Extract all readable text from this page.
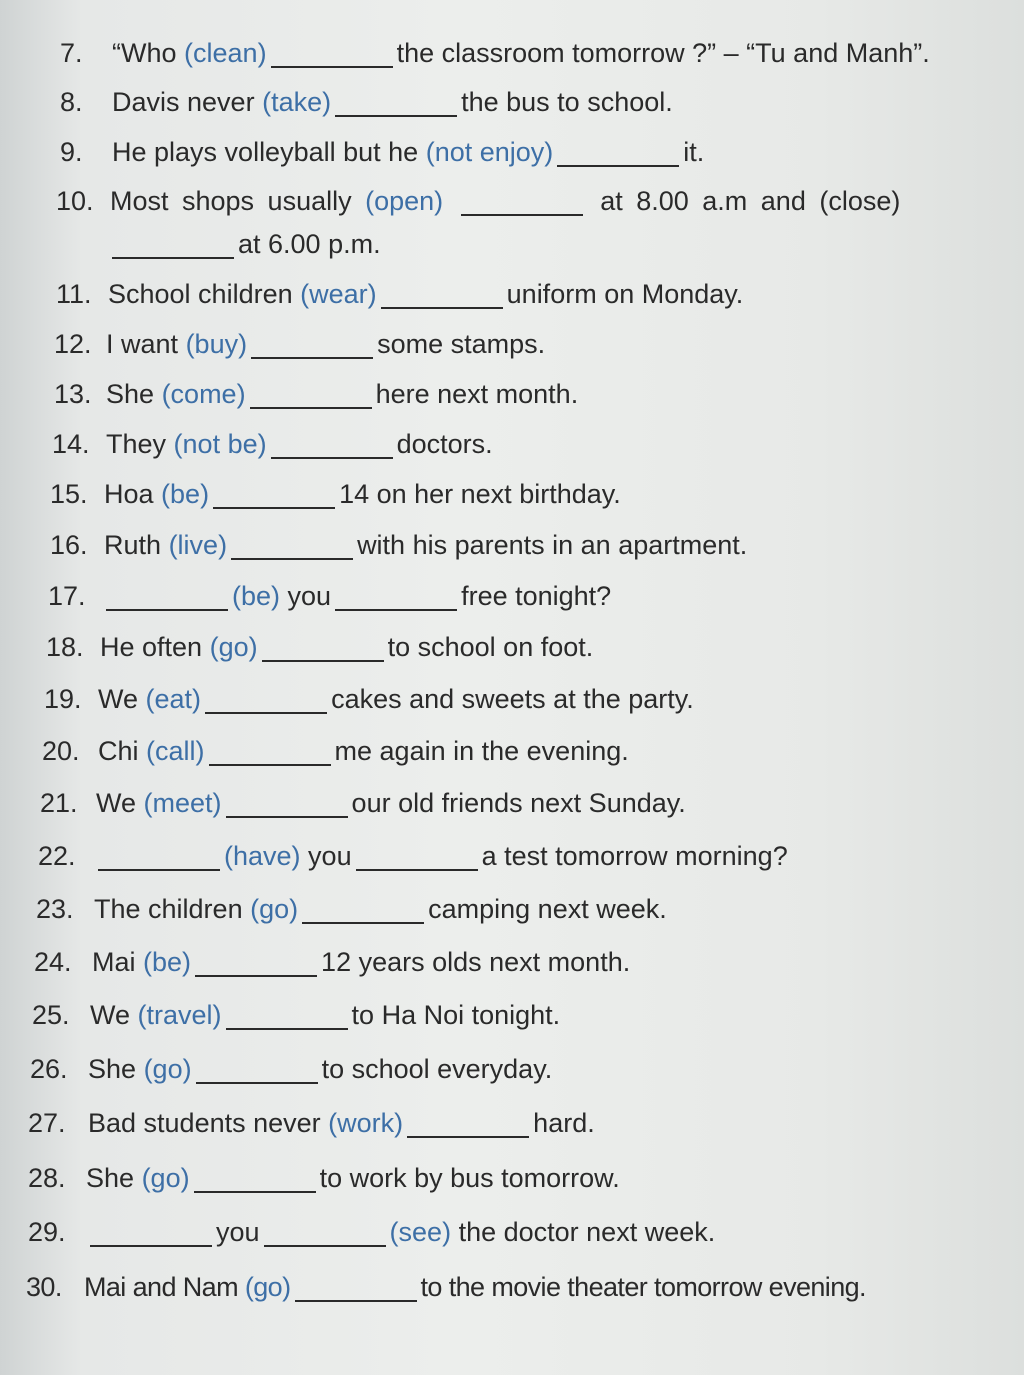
7. “Who (clean)	the classroom tomorrow ?” – “Tu and Manh”.
8. Davis never (take)	the bus to school.
9. He plays volleyball but he (not enjoy)	it.
10. Most shops usually (open)	at 8.00 a.m and (close)
at 6.00 p.m.
11. School children (wear)	uniform on Monday.
12. I want (buy)	some stamps.
13. She (come)	here next month.
14. They (not be)	doctors.
15. Hoa (be)	14 on her next birthday.
16. Ruth (live)	with his parents in an apartment.
17.	(be) you	free tonight?
18. He often (go)	to school on foot.
19. We (eat)	cakes and sweets at the party.
20. Chi (call)	me again in the evening.
21. We (meet)	our old friends next Sunday.
22.	(have) you	a test tomorrow morning?
23. The children (go)	camping next week.
24. Mai (be)	12 years olds next month.
25. We (travel)	to Ha Noi tonight.
26. She (go)	to school everyday.
27. Bad students never (work)	hard.
28. She (go)	to work by bus tomorrow.
29.	you	(see) the doctor next week.
30. Mai and Nam (go)	to the movie theater tomorrow evening.
